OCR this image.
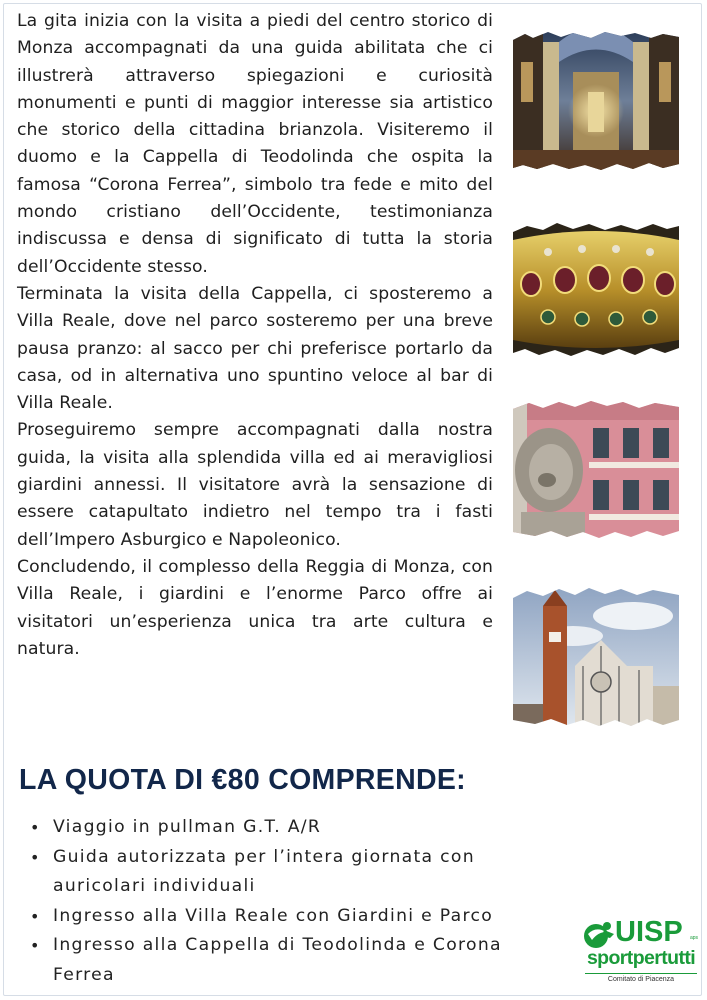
La gita inizia con la visita a piedi del centro storico di Monza accompagnati da una guida abilitata che ci illustrerà attraverso spiegazioni e curiosità monumenti e punti di maggior interesse sia artistico che storico della cittadina brianzola. Visiteremo il duomo e la Cappella di Teodolinda che ospita la famosa “Corona Ferrea”, simbolo tra fede e mito del mondo cristiano dell’Occidente, testimonianza indiscussa e densa di significato di tutta la storia dell’Occidente stesso.

Terminata la visita della Cappella, ci sposteremo a Villa Reale, dove nel parco sosteremo per una breve pausa pranzo: al sacco per chi preferisce portarlo da casa, od in alternativa uno spuntino veloce al bar di Villa Reale.

Proseguiremo sempre accompagnati dalla nostra guida, la visita alla splendida villa ed ai meravigliosi giardini annessi. Il visitatore avrà la sensazione di essere catapultato indietro nel tempo tra i fasti dell’Impero Asburgico e Napoleonico.

Concludendo, il complesso della Reggia di Monza, con Villa Reale, i giardini e l’enorme Parco offre ai visitatori un’esperienza unica tra arte cultura e natura.

LA QUOTA DI €80 COMPRENDE:
• Viaggio in pullman G.T. A/R
• Guida autorizzata per l’intera giornata con auricolari individuali
• Ingresso alla Villa Reale con Giardini e Parco
• Ingresso alla Cappella di Teodolinda e Corona Ferrea
UISP aps
sportpertutti
Comitato di Piacenza
